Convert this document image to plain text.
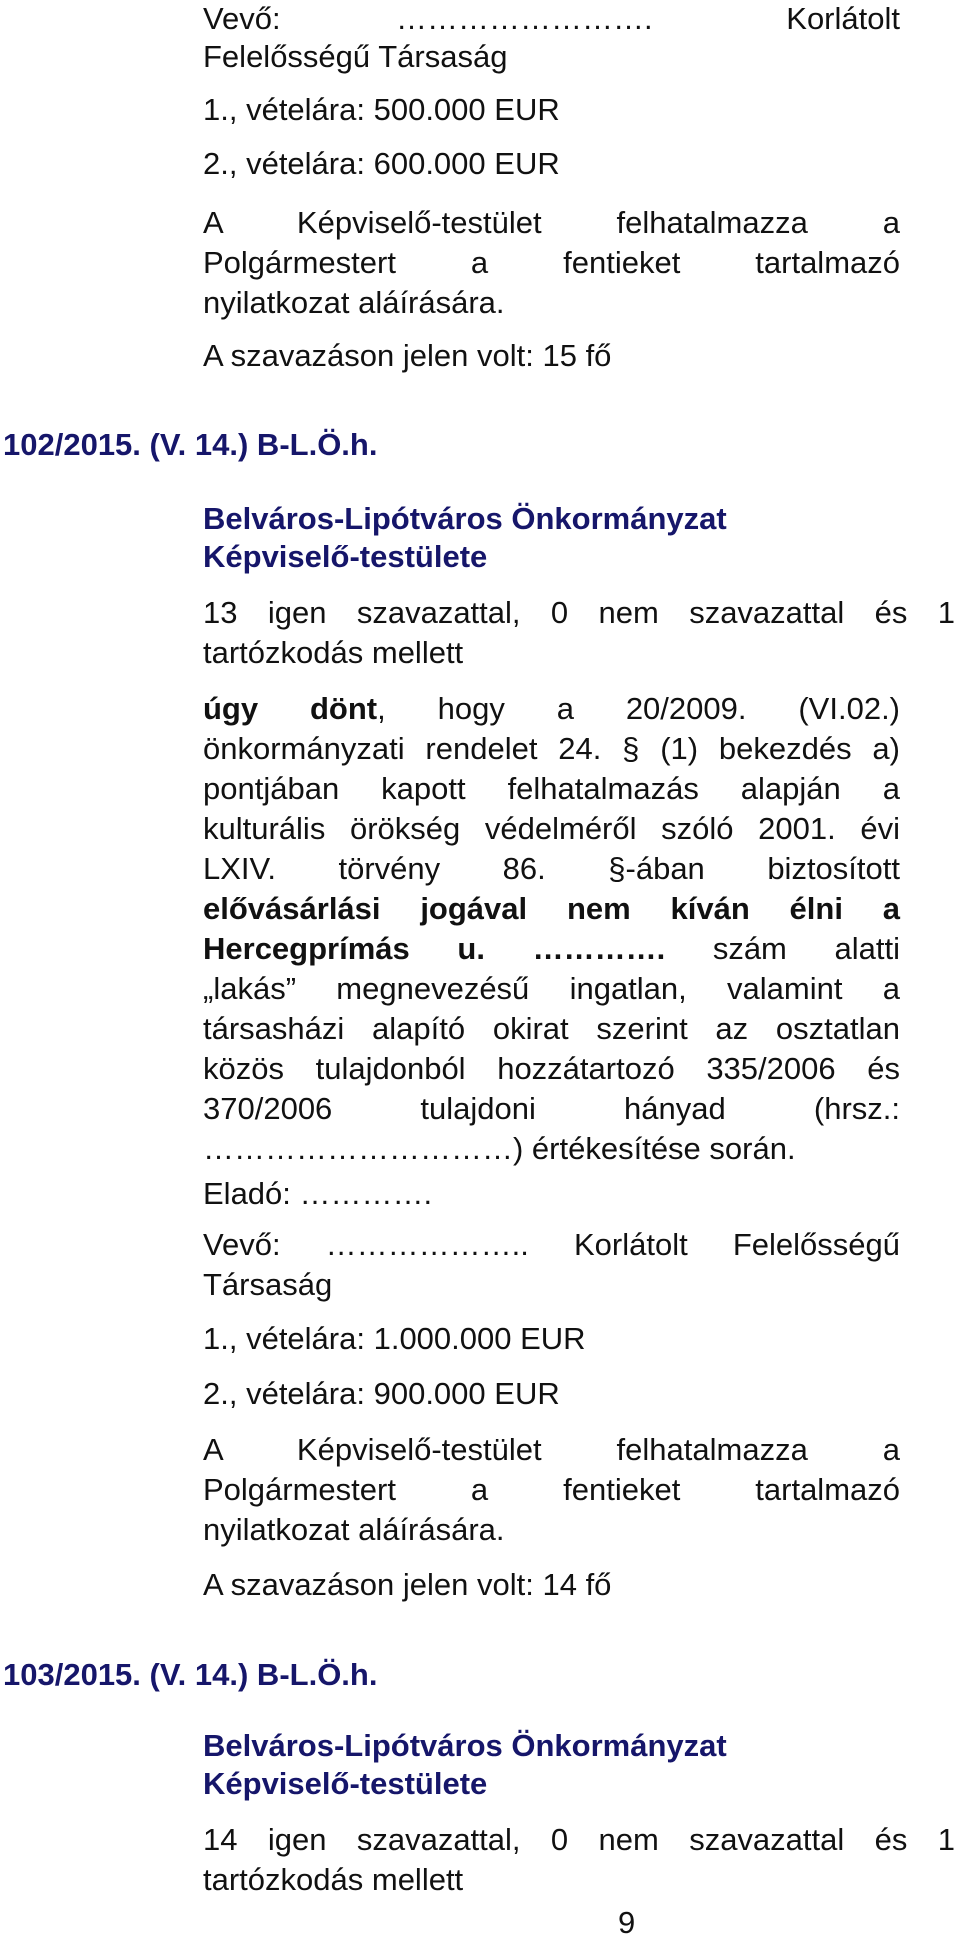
Vevő:	…………………….	Korlátolt
Felelősségű Társaság
1., vételára: 500.000 EUR
2., vételára: 600.000 EUR
A Képviselő-testület felhatalmazza a
Polgármestert a fentieket tartalmazó
nyilatkozat aláírására.
A szavazáson jelen volt: 15 fő
102/2015. (V. 14.) B-L.Ö.h.
Belváros-Lipótváros Önkormányzat
Képviselő-testülete
13 igen szavazattal, 0 nem szavazattal és 1
tartózkodás mellett
úgy dönt, hogy a 20/2009. (VI.02.)
önkormányzati rendelet 24. § (1) bekezdés a)
pontjában kapott felhatalmazás alapján a
kulturális örökség védelméről szóló 2001. évi
LXIV. törvény 86. §-ában biztosított
elővásárlási jogával nem kíván élni a
Hercegprímás u. …………. szám alatti
„lakás” megnevezésű ingatlan, valamint a
társasházi alapító okirat szerint az osztatlan
közös tulajdonból hozzátartozó 335/2006 és
370/2006 tulajdoni hányad (hrsz.:
…………………………) értékesítése során.
Eladó: ………….
Vevő: ……………….. Korlátolt Felelősségű
Társaság
1., vételára: 1.000.000 EUR
2., vételára: 900.000 EUR
A Képviselő-testület felhatalmazza a
Polgármestert a fentieket tartalmazó
nyilatkozat aláírására.
A szavazáson jelen volt: 14 fő
103/2015. (V. 14.) B-L.Ö.h.
Belváros-Lipótváros Önkormányzat
Képviselő-testülete
14 igen szavazattal, 0 nem szavazattal és 1
tartózkodás mellett
9
